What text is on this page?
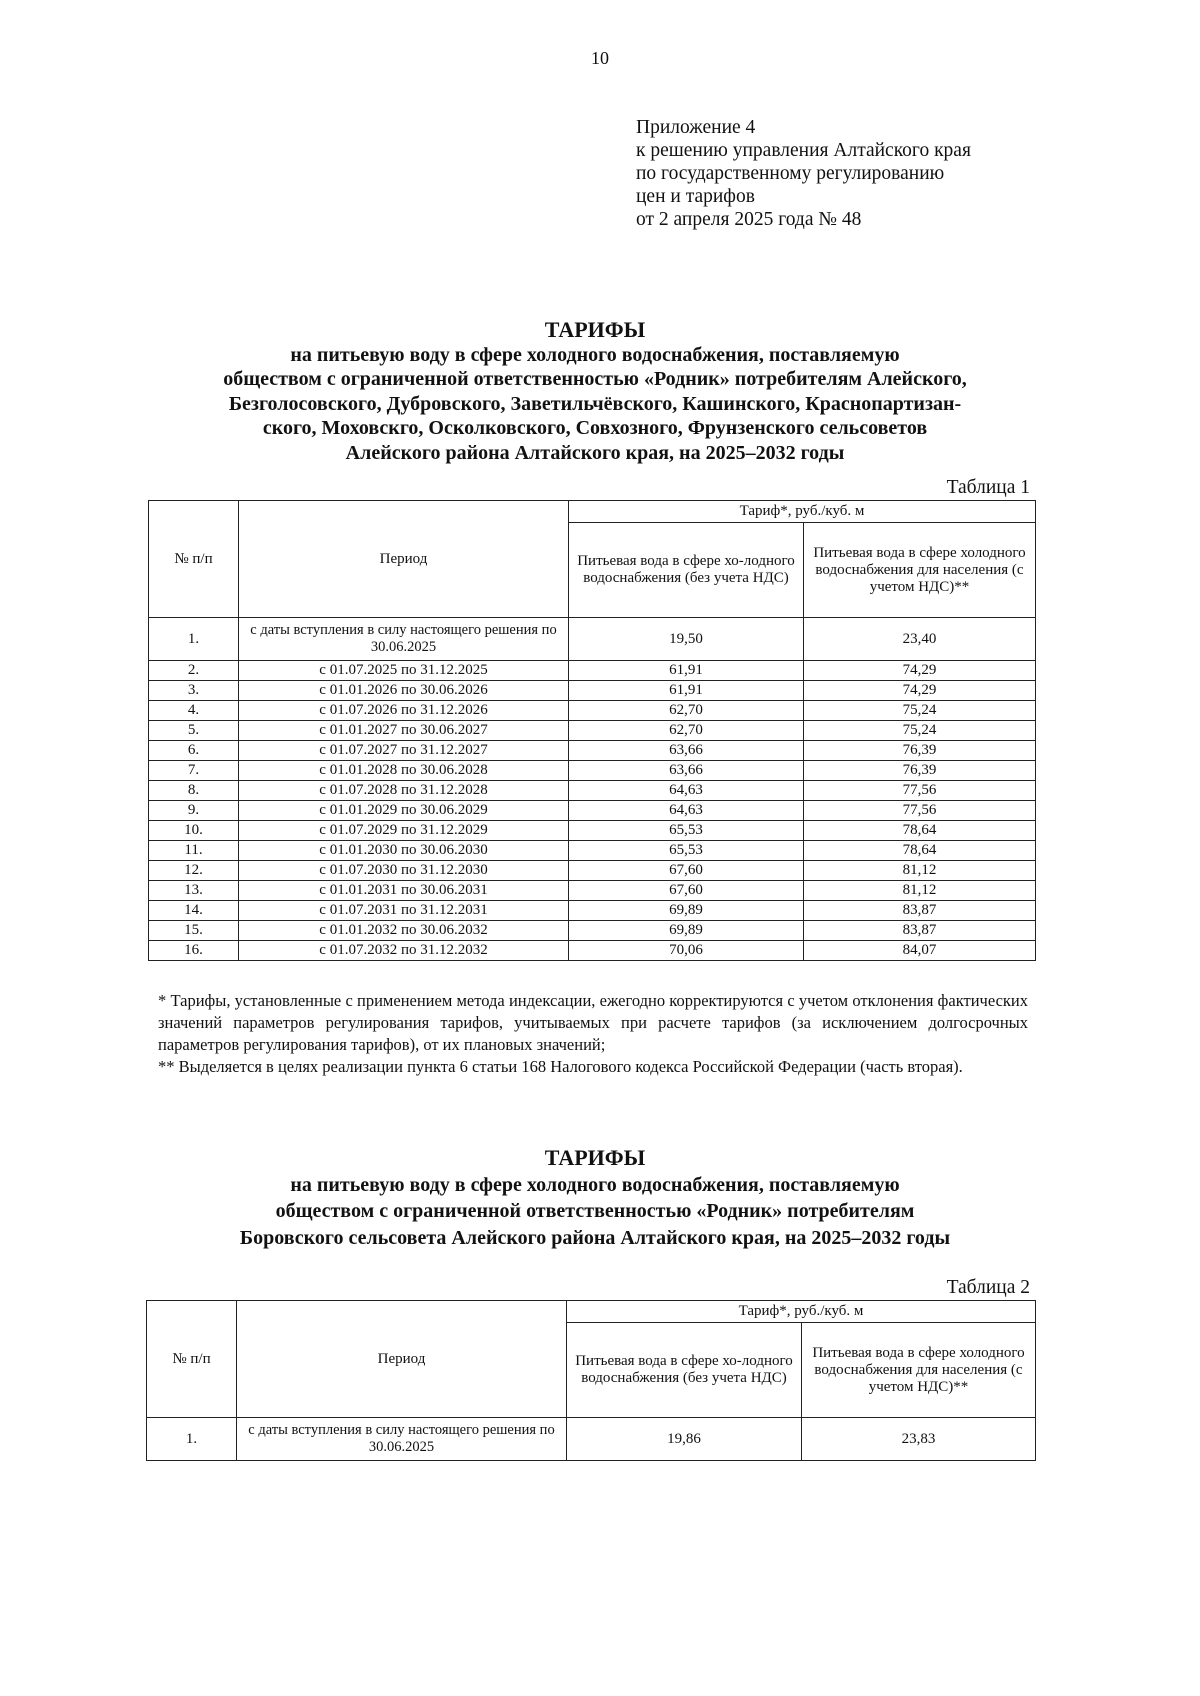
10
Приложение 4
к решению управления Алтайского края
по государственному регулированию
цен и тарифов
от 2 апреля 2025 года № 48
ТАРИФЫ
на питьевую воду в сфере холодного водоснабжения, поставляемую
обществом с ограниченной ответственностью «Родник» потребителям Алейского,
Безголосовского, Дубровского, Заветильчёвского, Кашинского, Краснопартизан-
ского, Моховскго, Осколковского, Совхозного, Фрунзенского сельсоветов
Алейского района Алтайского края, на 2025–2032 годы
Таблица 1
№ п/п	Период	Тариф*, руб./куб. м	
		Питьевая вода в сфере хо-лодного водоснабжения (без учета НДС)	Питьевая вода в сфере холодного водоснабжения для населения (с учетом НДС)**
1.	с даты вступления в силу настоящего решения по 30.06.2025	19,50	23,40
2.	с 01.07.2025 по 31.12.2025	61,91	74,29
3.	с 01.01.2026 по 30.06.2026	61,91	74,29
4.	с 01.07.2026 по 31.12.2026	62,70	75,24
5.	с 01.01.2027 по 30.06.2027	62,70	75,24
6.	с 01.07.2027 по 31.12.2027	63,66	76,39
7.	с 01.01.2028 по 30.06.2028	63,66	76,39
8.	с 01.07.2028 по 31.12.2028	64,63	77,56
9.	с 01.01.2029 по 30.06.2029	64,63	77,56
10.	с 01.07.2029 по 31.12.2029	65,53	78,64
11.	с 01.01.2030 по 30.06.2030	65,53	78,64
12.	с 01.07.2030 по 31.12.2030	67,60	81,12
13.	с 01.01.2031 по 30.06.2031	67,60	81,12
14.	с 01.07.2031 по 31.12.2031	69,89	83,87
15.	с 01.01.2032 по 30.06.2032	69,89	83,87
16.	с 01.07.2032 по 31.12.2032	70,06	84,07
* Тарифы, установленные с применением метода индексации, ежегодно корректируются с учетом отклонения фактических значений параметров регулирования тарифов, учитываемых при расчете тарифов (за исключением долгосрочных параметров регулирования тарифов), от их плановых значений;
** Выделяется в целях реализации пункта 6 статьи 168 Налогового кодекса Российской Федерации (часть вторая).
ТАРИФЫ
на питьевую воду в сфере холодного водоснабжения, поставляемую
обществом с ограниченной ответственностью «Родник» потребителям
Боровского сельсовета Алейского района Алтайского края, на 2025–2032 годы
Таблица 2
№ п/п	Период	Тариф*, руб./куб. м	
		Питьевая вода в сфере хо-лодного водоснабжения (без учета НДС)	Питьевая вода в сфере холодного водоснабжения для населения (с учетом НДС)**
1.	с даты вступления в силу настоящего решения по 30.06.2025	19,86	23,83
